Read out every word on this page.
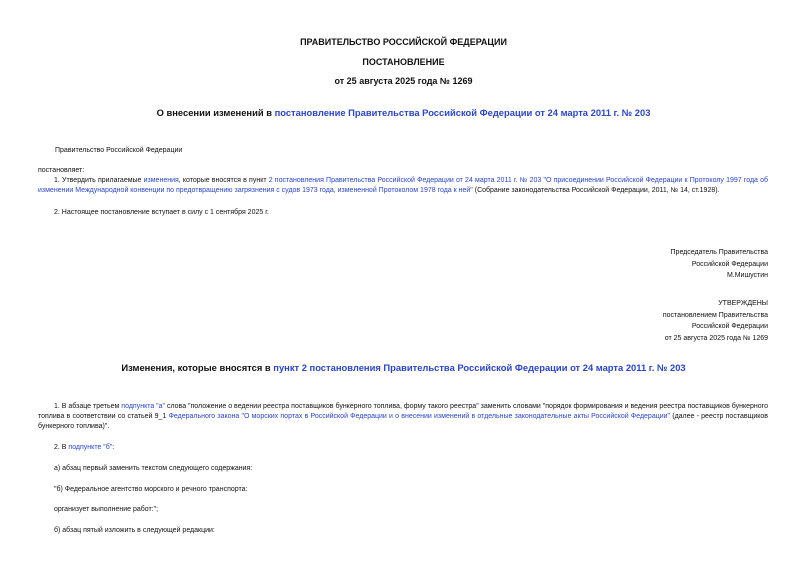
ПРАВИТЕЛЬСТВО РОССИЙСКОЙ ФЕДЕРАЦИИ
ПОСТАНОВЛЕНИЕ
от 25 августа 2025 года № 1269
О внесении изменений в постановление Правительства Российской Федерации от 24 марта 2011 г. № 203
Правительство Российской Федерации
постановляет:
1. Утвердить прилагаемые изменения, которые вносятся в пункт 2 постановления Правительства Российской Федерации от 24 марта 2011 г. № 203 "О присоединении Российской Федерации к Протоколу 1997 года об изменении Международной конвенции по предотвращению загрязнения с судов 1973 года, измененной Протоколом 1978 года к ней" (Собрание законодательства Российской Федерации, 2011, № 14, ст.1928).
2. Настоящее постановление вступает в силу с 1 сентября 2025 г.
Председатель Правительства
Российской Федерации
М.Мишустин
УТВЕРЖДЕНЫ
постановлением Правительства
Российской Федерации
от 25 августа 2025 года № 1269
Изменения, которые вносятся в пункт 2 постановления Правительства Российской Федерации от 24 марта 2011 г. № 203
1. В абзаце третьем подпункта "а" слова "положение о ведении реестра поставщиков бункерного топлива, форму такого реестра" заменить словами "порядок формирования и ведения реестра поставщиков бункерного топлива в соответствии со статьей 9_1 Федерального закона "О морских портах в Российской Федерации и о внесении изменений в отдельные законодательные акты Российской Федерации" (далее - реестр поставщиков бункерного топлива)".
2. В подпункте "б":
а) абзац первый заменить текстом следующего содержания:
"б) Федеральное агентство морского и речного транспорта:
организует выполнение работ:";
б) абзац пятый изложить в следующей редакции:
